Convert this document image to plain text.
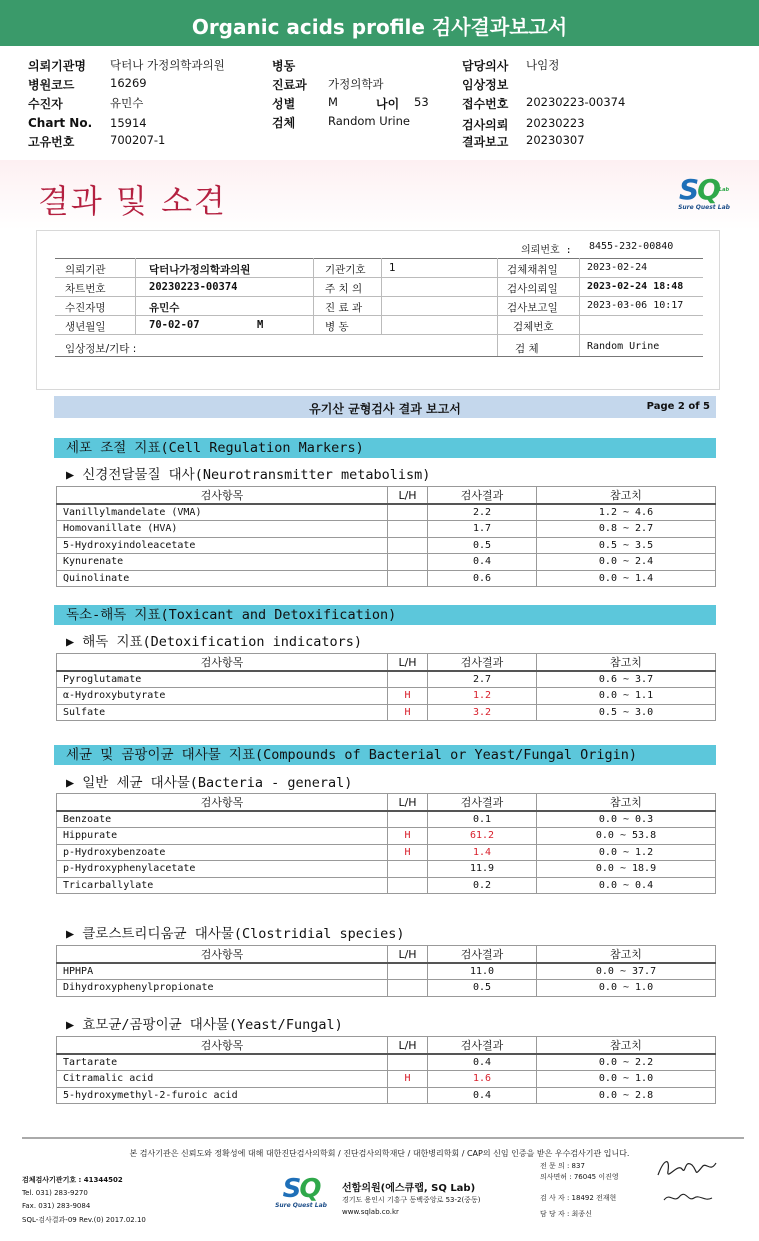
Organic acids profile 검사결과보고서
의뢰기관명 닥터나 가정의학과의원
병원코드	16269
수진자	유민수
Chart No. 15914
고유번호	700207-1
병동
진료과 가정의학과
성별	M	나이 53
검체	Random Urine
담당의사 나임정
임상정보
접수번호 20230223-00374
검사의뢰 20230223
결과보고 20230307
결과 및 소견	$SQ^{Lab}$
Sure Quest Lab
의뢰번호 : 8455-232-00840
의뢰기관	닥터나가정의학과의원	기관기호 1	검체채취일	2023-02-24
차트번호	20230223-00374	주 치 의	검사의뢰일	2023-02-24 18:48
수진자명	유민수	진 료 과	검사보고일	2023-03-06 10:17
생년월일	70-02-07	M	병 동	검체번호
임상정보/기타 :	검 체	Random Urine
유기산 균형검사 결과 보고서	Page 2 of 5
세포 조절 지표(Cell Regulation Markers)
▶ 신경전달물질 대사(Neurotransmitter metabolism)
검사항목	L/H	검사결과	참고치
Vanillylmandelate (VMA)		2.2	1.2 ~ 4.6
Homovanillate (HVA)		1.7	0.8 ~ 2.7
5-Hydroxyindoleacetate		0.5	0.5 ~ 3.5
Kynurenate		0.4	0.0 ~ 2.4
Quinolinate		0.6	0.0 ~ 1.4
독소-해독 지표(Toxicant and Detoxification)
▶ 해독 지표(Detoxification indicators)
검사항목	L/H	검사결과	참고치
Pyroglutamate		2.7	0.6 ~ 3.7
α-Hydroxybutyrate	H	1.2	0.0 ~ 1.1
Sulfate	H	3.2	0.5 ~ 3.0
세균 및 곰팡이균 대사물 지표(Compounds of Bacterial or Yeast/Fungal Origin)
▶ 일반 세균 대사물(Bacteria - general)
검사항목	L/H	검사결과	참고치
Benzoate		0.1	0.0 ~ 0.3
Hippurate	H	61.2	0.0 ~ 53.8
p-Hydroxybenzoate	H	1.4	0.0 ~ 1.2
p-Hydroxyphenylacetate		11.9	0.0 ~ 18.9
Tricarballylate		0.2	0.0 ~ 0.4
▶ 클로스트리디움균 대사물(Clostridial species)
검사항목	L/H	검사결과	참고치
HPHPA		11.0	0.0 ~ 37.7
Dihydroxyphenylpropionate		0.5	0.0 ~ 1.0
▶ 효모균/곰팡이균 대사물(Yeast/Fungal)
검사항목	L/H	검사결과	참고치
Tartarate		0.4	0.0 ~ 2.2
Citramalic acid	H	1.6	0.0 ~ 1.0
5-hydroxymethyl-2-furoic acid		0.4	0.0 ~ 2.8
본 검사기관은 신뢰도와 정확성에 대해 대한진단검사의학회 / 진단검사의학재단 / 대한병리학회 / CAP의 신임 인증을 받은 우수검사기관 입니다.
검체검사기관기호 : 41344502
Tel. 031) 283-9270
Fax. 031) 283-9084
SQL-검사결과-09 Rev.(0) 2017.02.10
SQ
Sure Quest Lab
선함의원(에스큐랩, SQ Lab)
경기도 용인시 기흥구 동백중앙로 53-2(중동)
www.sqlab.co.kr
전 문 의 : 837
의사면허 : 76045 이진영
검 사 자 : 18492 전재현
담 당 자 : 최종신
